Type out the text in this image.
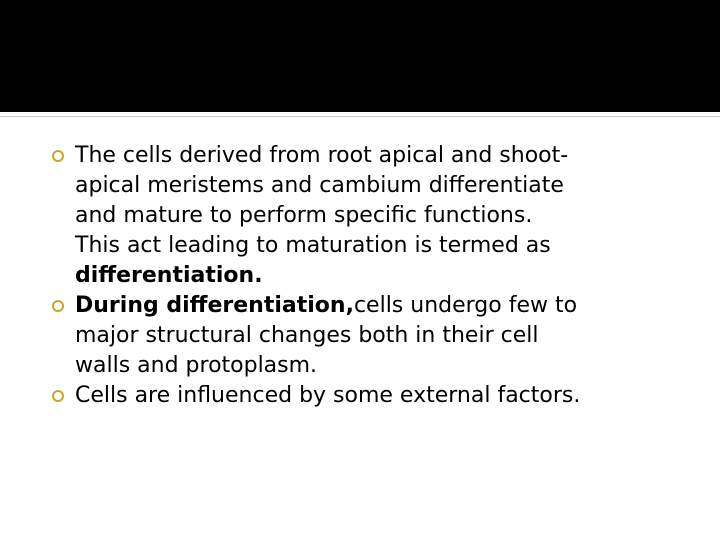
The cells derived from root apical and shoot-
apical meristems and cambium differentiate
and mature to perform specific functions.
This act leading to maturation is termed as
differentiation.
During differentiation,cells undergo few to
major structural changes both in their cell
walls and protoplasm.
Cells are influenced by some external factors.
